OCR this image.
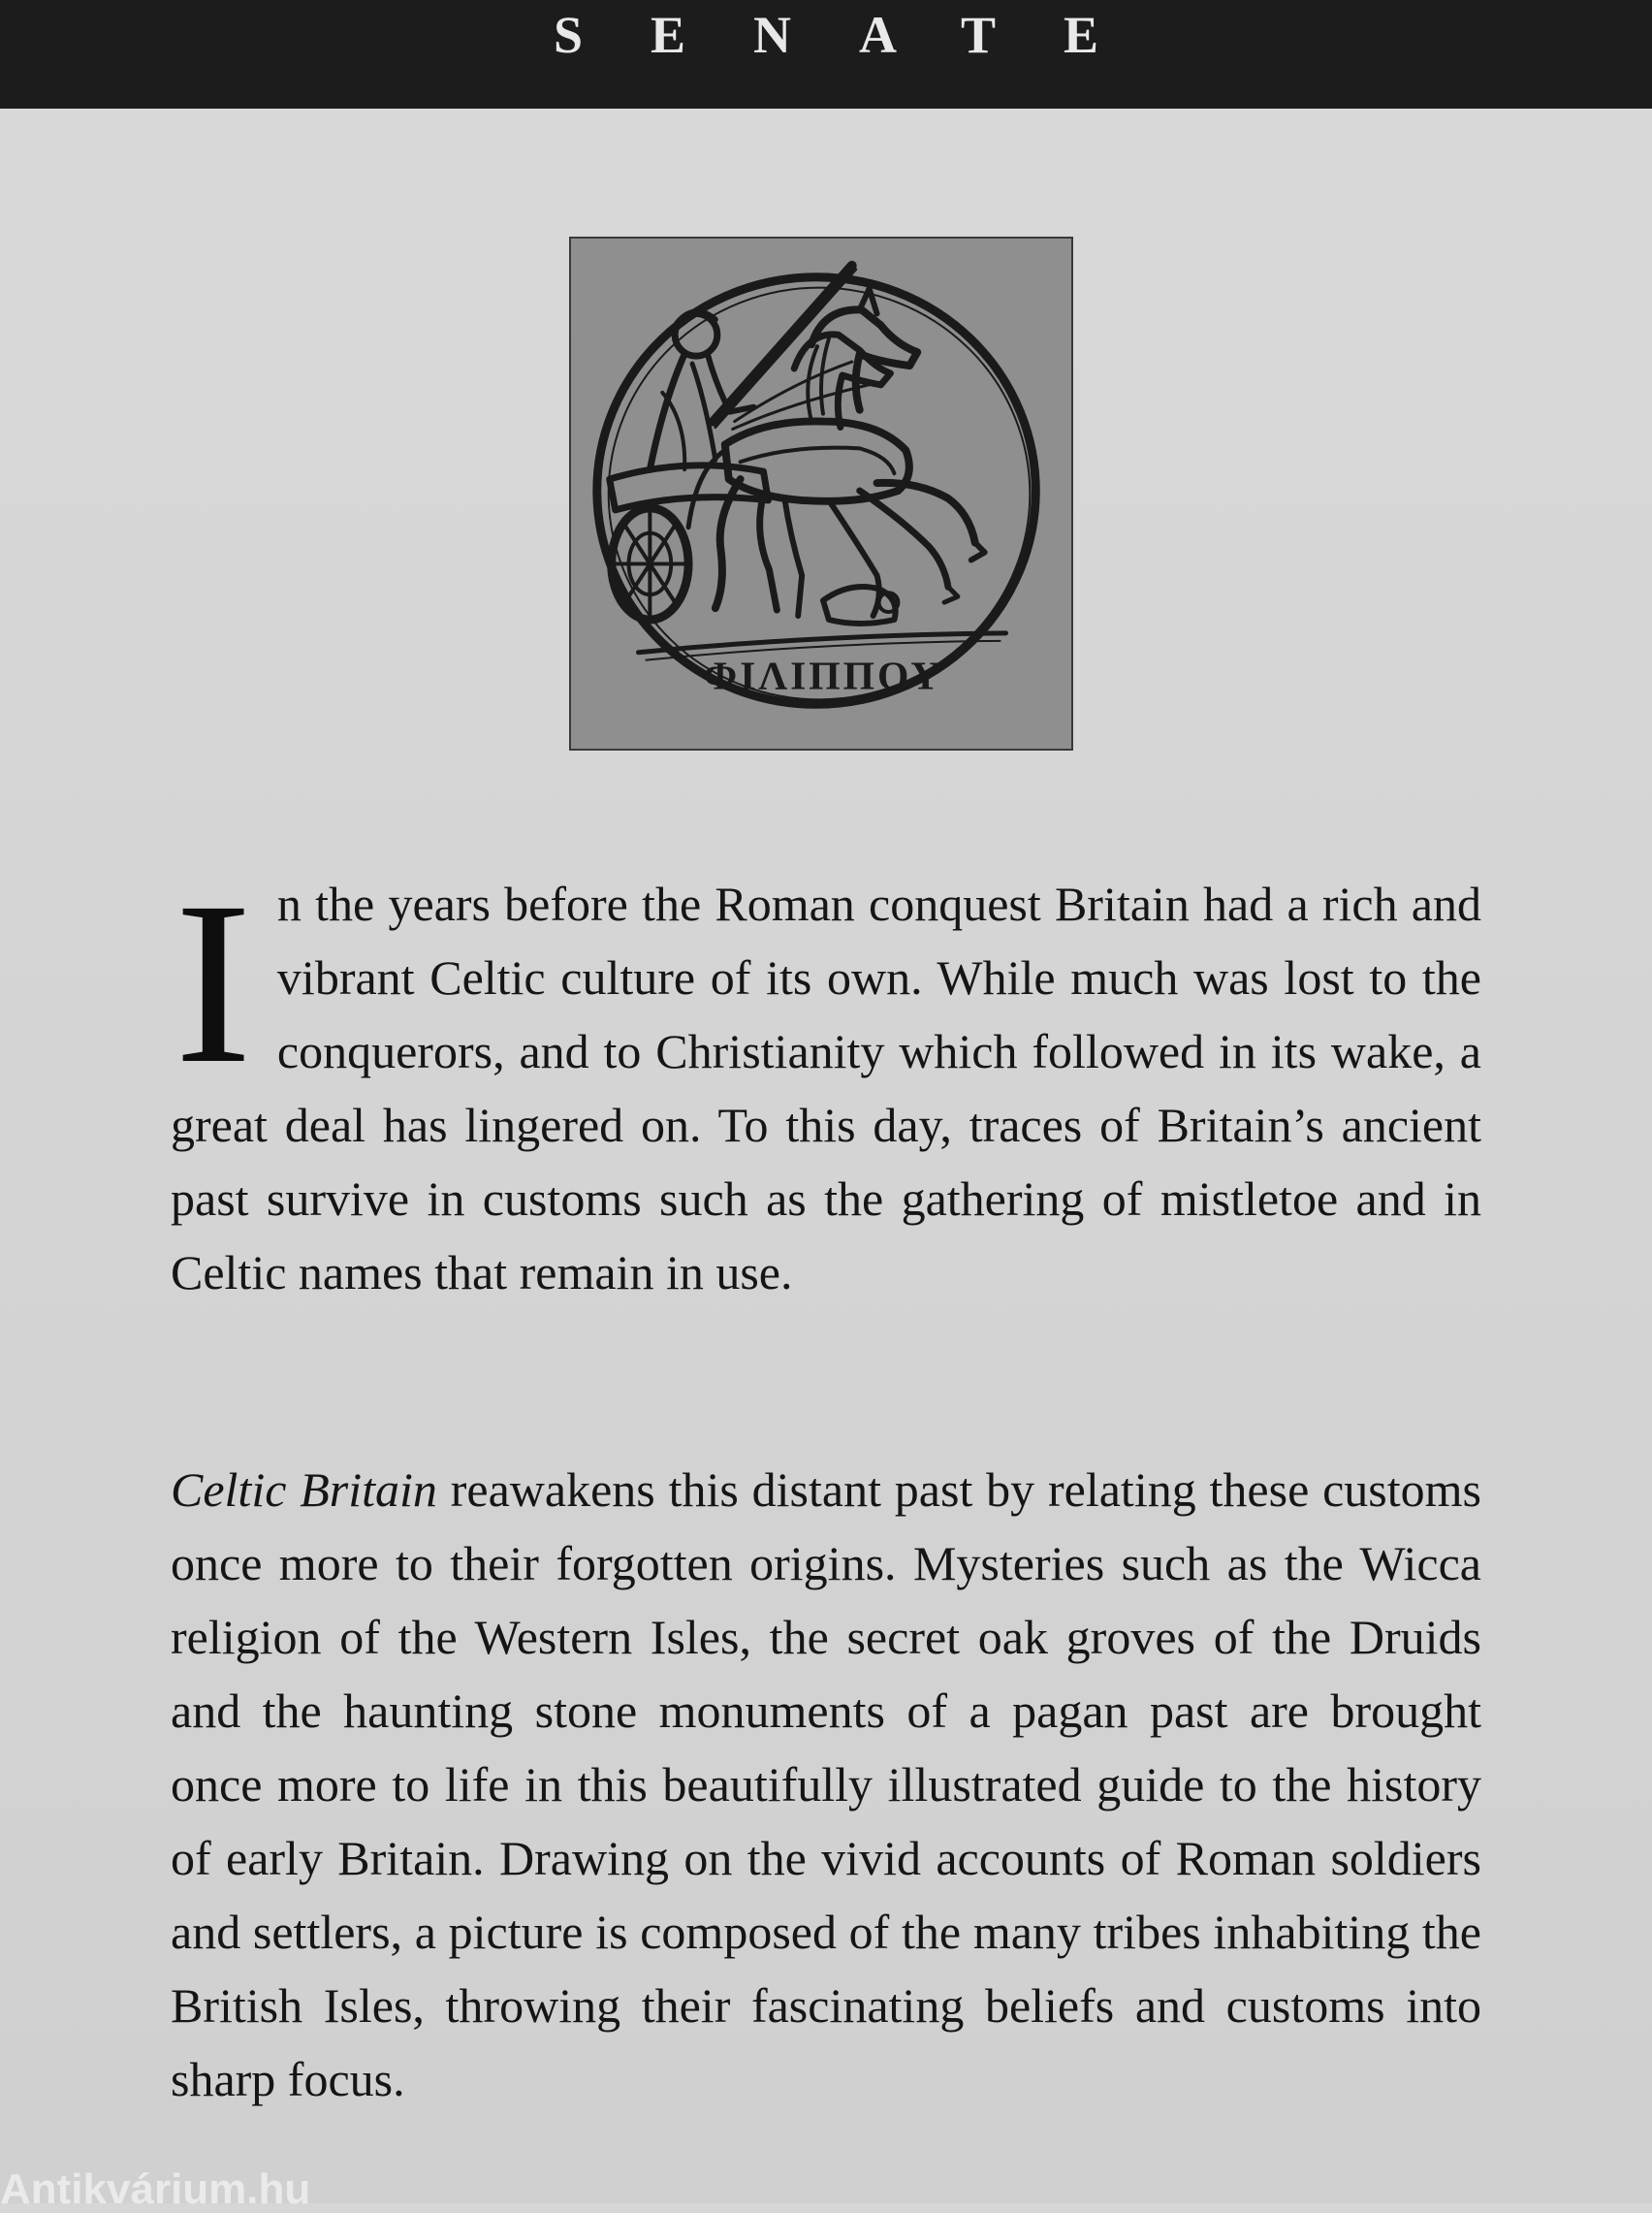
SENATE
ΦΙΛΙΠΠΟΥ
In the years before the Roman conquest Britain had a rich and vibrant Celtic culture of its own. While much was lost to the conquerors, and to Christianity which followed in its wake, a great deal has lingered on. To this day, traces of Britain’s ancient past survive in customs such as the gathering of mistletoe and in Celtic names that remain in use.
Celtic Britain reawakens this distant past by relating these customs once more to their forgotten origins. Mysteries such as the Wicca religion of the Western Isles, the secret oak groves of the Druids and the haunting stone monuments of a pagan past are brought once more to life in this beautifully illustrated guide to the history of early Britain. Drawing on the vivid accounts of Roman soldiers and settlers, a picture is composed of the many tribes inhabiting the British Isles, throwing their fascinating beliefs and customs into sharp focus.
Antikvárium.hu
